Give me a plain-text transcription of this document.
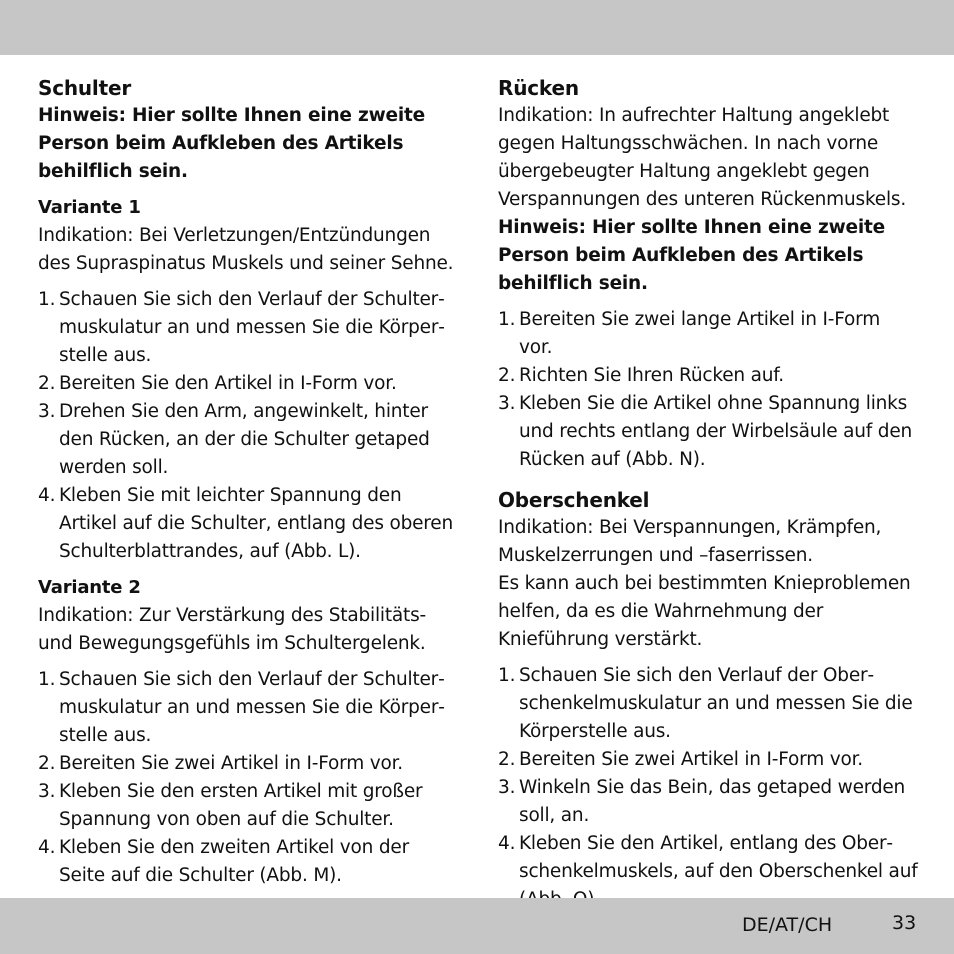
Schulter

Hinweis: Hier sollte Ihnen eine zweite Person beim Aufkleben des Artikels behilflich sein.

Variante 1

Indikation: Bei Verletzungen/Entzündungen des Supraspinatus Muskels und seiner Sehne.

1. Schauen Sie sich den Verlauf der Schultermuskulatur an und messen Sie die Körperstelle aus.
2. Bereiten Sie den Artikel in I-Form vor.
3. Drehen Sie den Arm, angewinkelt, hinter den Rücken, an der die Schulter getaped werden soll.
4. Kleben Sie mit leichter Spannung den Artikel auf die Schulter, entlang des oberen Schulterblattrandes, auf (Abb. L).
Variante 2

Indikation: Zur Verstärkung des Stabilitäts- und Bewegungsgefühls im Schultergelenk.

1. Schauen Sie sich den Verlauf der Schultermuskulatur an und messen Sie die Körperstelle aus.
2. Bereiten Sie zwei Artikel in I-Form vor.
3. Kleben Sie den ersten Artikel mit großer Spannung von oben auf die Schulter.
4. Kleben Sie den zweiten Artikel von der Seite auf die Schulter (Abb. M).
Rücken

Indikation: In aufrechter Haltung angeklebt gegen Haltungsschwächen. In nach vorne übergebeugter Haltung angeklebt gegen Verspannungen des unteren Rückenmuskels.

Hinweis: Hier sollte Ihnen eine zweite Person beim Aufkleben des Artikels behilflich sein.

1. Bereiten Sie zwei lange Artikel in I-Form vor.
2. Richten Sie Ihren Rücken auf.
3. Kleben Sie die Artikel ohne Spannung links und rechts entlang der Wirbelsäule auf den Rücken auf (Abb. N).
Oberschenkel

Indikation: Bei Verspannungen, Krämpfen, Muskelzerrungen und –faserrissen.

Es kann auch bei bestimmten Knieproblemen helfen, da es die Wahrnehmung der Knieführung verstärkt.

1. Schauen Sie sich den Verlauf der Oberschenkelmuskulatur an und messen Sie die Körperstelle aus.
2. Bereiten Sie zwei Artikel in I-Form vor.
3. Winkeln Sie das Bein, das getaped werden soll, an.
4. Kleben Sie den Artikel, entlang des Oberschenkelmuskels, auf den Oberschenkel auf
DE/AT/CH	33
